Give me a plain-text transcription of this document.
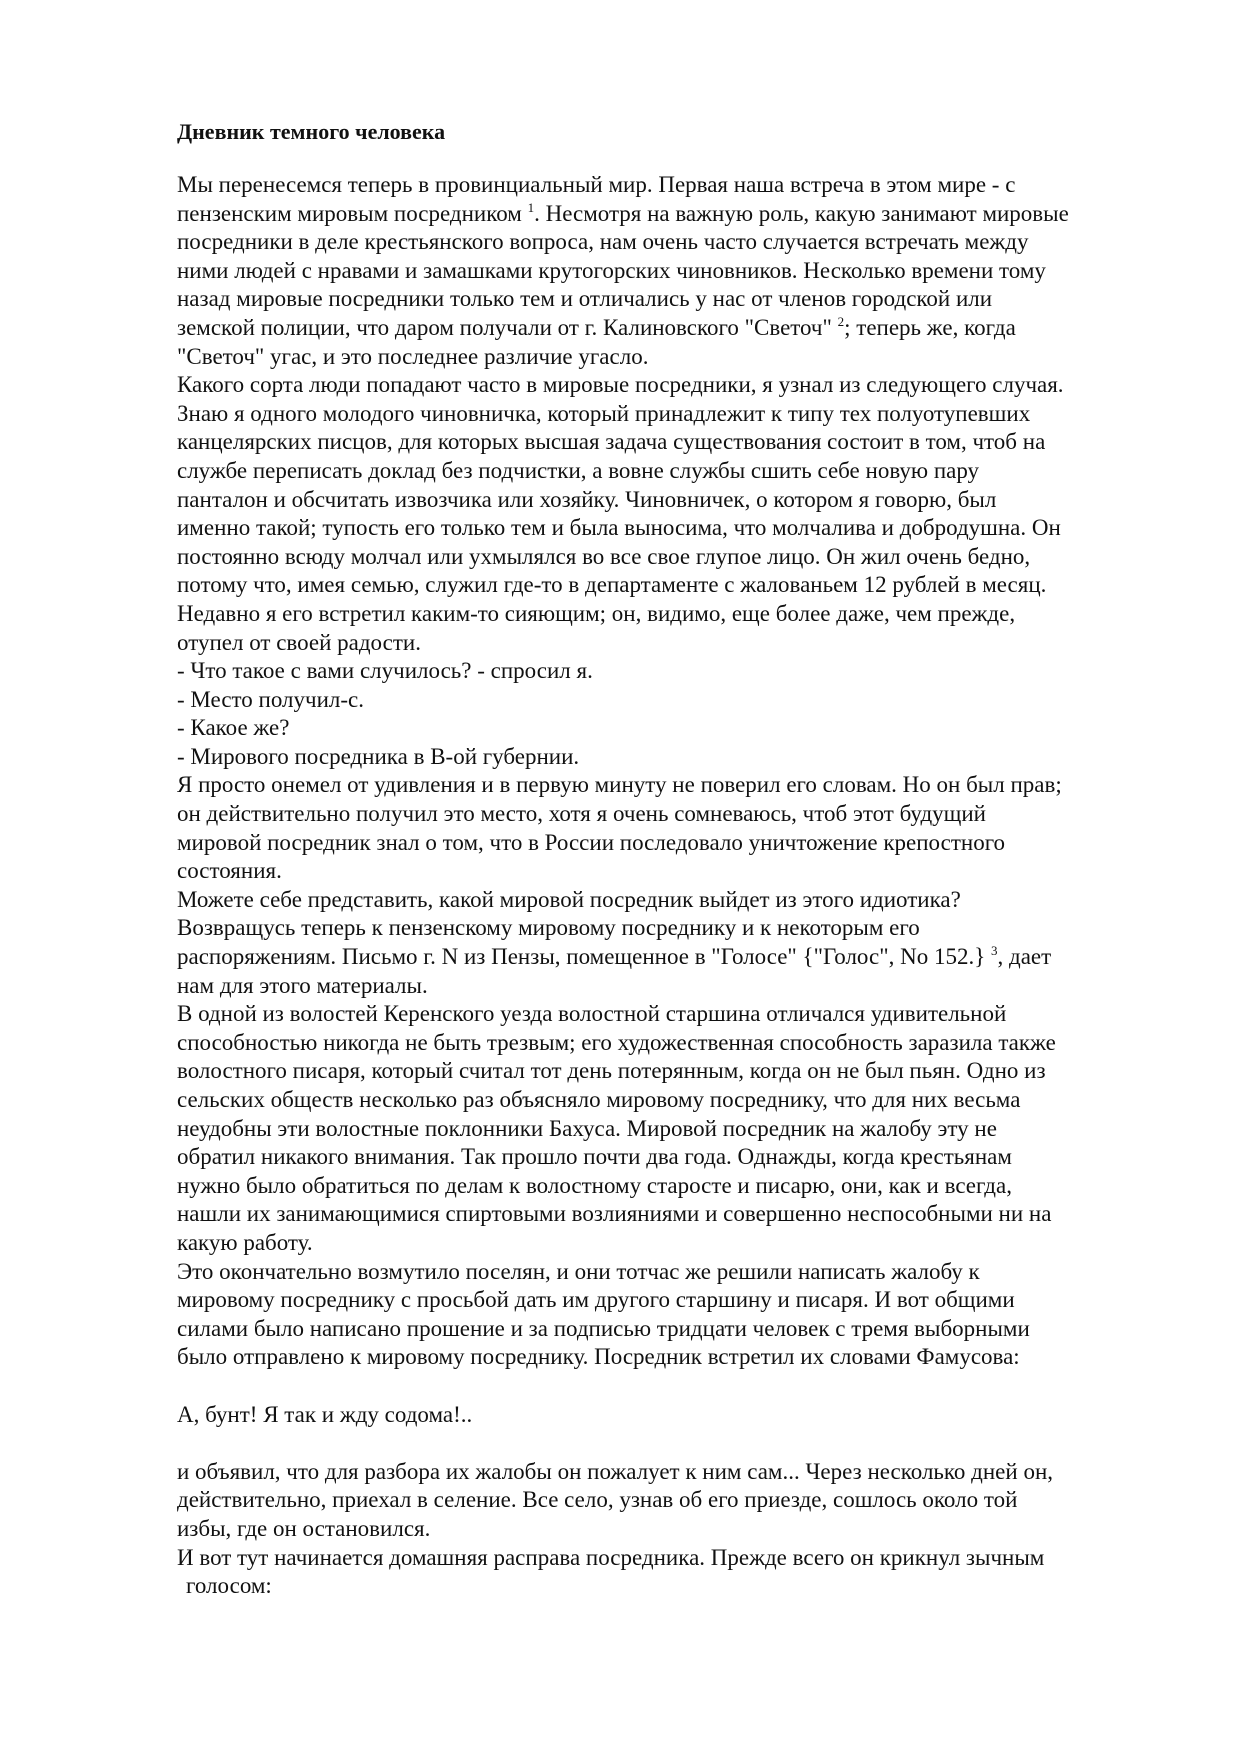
Дневник темного человека
Мы перенесемся теперь в провинциальный мир. Первая наша встреча в этом мире - с
пензенским мировым посредником $^1$. Несмотря на важную роль, какую занимают мировые
посредники в деле крестьянского вопроса, нам очень часто случается встречать между
ними людей с нравами и замашками крутогорских чиновников. Несколько времени тому
назад мировые посредники только тем и отличались у нас от членов городской или
земской полиции, что даром получали от г. Калиновского "Светоч" $^2$; теперь же, когда
"Светоч" угас, и это последнее различие угасло.
Какого сорта люди попадают часто в мировые посредники, я узнал из следующего случая.
Знаю я одного молодого чиновничка, который принадлежит к типу тех полуотупевших
канцелярских писцов, для которых высшая задача существования состоит в том, чтоб на
службе переписать доклад без подчистки, а вовне службы сшить себе новую пару
панталон и обсчитать извозчика или хозяйку. Чиновничек, о котором я говорю, был
именно такой; тупость его только тем и была выносима, что молчалива и добродушна. Он
постоянно всюду молчал или ухмылялся во все свое глупое лицо. Он жил очень бедно,
потому что, имея семью, служил где-то в департаменте с жалованьем 12 рублей в месяц.
Недавно я его встретил каким-то сияющим; он, видимо, еще более даже, чем прежде,
отупел от своей радости.
- Что такое с вами случилось? - спросил я.
- Место получил-с.
- Какое же?
- Мирового посредника в В-ой губернии.
Я просто онемел от удивления и в первую минуту не поверил его словам. Но он был прав;
он действительно получил это место, хотя я очень сомневаюсь, чтоб этот будущий
мировой посредник знал о том, что в России последовало уничтожение крепостного
состояния.
Можете себе представить, какой мировой посредник выйдет из этого идиотика?
Возвращусь теперь к пензенскому мировому посреднику и к некоторым его
распоряжениям. Письмо г. N из Пензы, помещенное в "Голосе" {"Голос", No 152.} $^3$, дает
нам для этого материалы.
В одной из волостей Керенского уезда волостной старшина отличался удивительной
способностью никогда не быть трезвым; его художественная способность заразила также
волостного писаря, который считал тот день потерянным, когда он не был пьян. Одно из
сельских обществ несколько раз объясняло мировому посреднику, что для них весьма
неудобны эти волостные поклонники Бахуса. Мировой посредник на жалобу эту не
обратил никакого внимания. Так прошло почти два года. Однажды, когда крестьянам
нужно было обратиться по делам к волостному старосте и писарю, они, как и всегда,
нашли их занимающимися спиртовыми возлияниями и совершенно неспособными ни на
какую работу.
Это окончательно возмутило поселян, и они тотчас же решили написать жалобу к
мировому посреднику с просьбой дать им другого старшину и писаря. И вот общими
силами было написано прошение и за подписью тридцати человек с тремя выборными
было отправлено к мировому посреднику. Посредник встретил их словами Фамусова:
А, бунт! Я так и жду содома!..
и объявил, что для разбора их жалобы он пожалует к ним сам... Через несколько дней он,
действительно, приехал в селение. Все село, узнав об его приезде, сошлось около той
избы, где он остановился.
И вот тут начинается домашняя расправа посредника. Прежде всего он крикнул зычным
голосом:
